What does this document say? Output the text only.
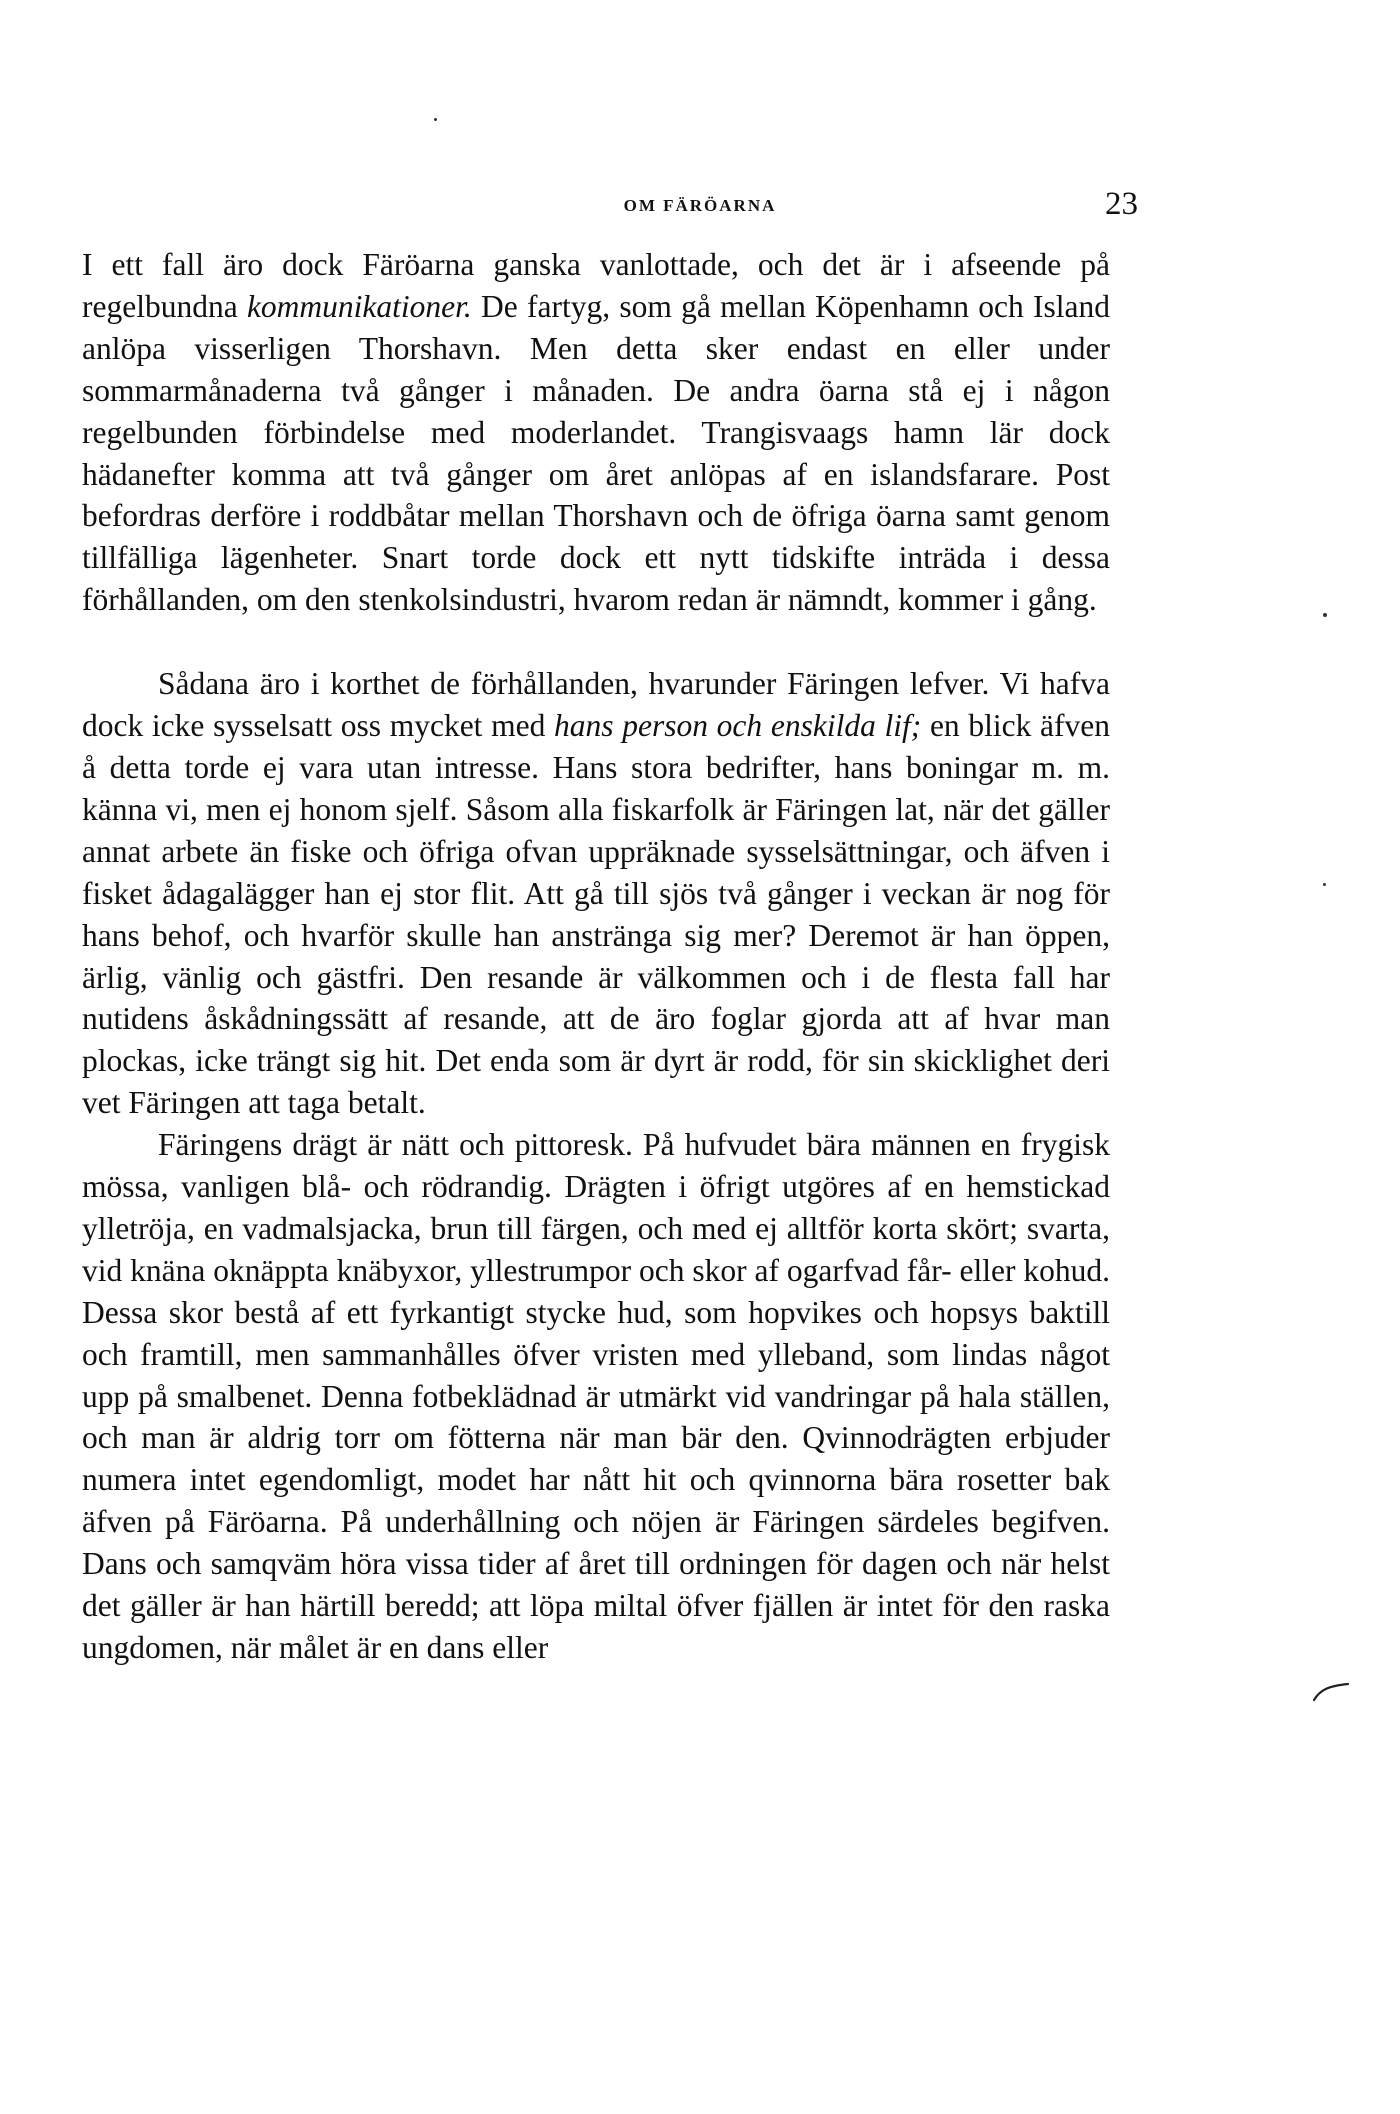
OM FÄRÖARNA	23

I ett fall äro dock Färöarna ganska vanlottade, och det är i afseende på regelbundna kommunikationer. De fartyg, som gå mellan Köpenhamn och Island anlöpa visserligen Thorshavn. Men detta sker endast en eller under sommarmånaderna två gånger i månaden. De andra öarna stå ej i någon regelbunden förbindelse med moderlandet. Trangisvaags hamn lär dock hädanefter komma att två gånger om året anlöpas af en islandsfarare. Post befordras derföre i roddbåtar mellan Thorshavn och de öfriga öarna samt genom tillfälliga lägenheter. Snart torde dock ett nytt tidskifte inträda i dessa förhållanden, om den stenkolsindustri, hvarom redan är nämndt, kommer i gång.

Sådana äro i korthet de förhållanden, hvarunder Färingen lefver. Vi hafva dock icke sysselsatt oss mycket med hans person och enskilda lif; en blick äfven å detta torde ej vara utan intresse. Hans stora bedrifter, hans boningar m. m. känna vi, men ej honom sjelf. Såsom alla fiskarfolk är Färingen lat, när det gäller annat arbete än fiske och öfriga ofvan uppräknade sysselsättningar, och äfven i fisket ådagalägger han ej stor flit. Att gå till sjös två gånger i veckan är nog för hans behof, och hvarför skulle han anstränga sig mer? Deremot är han öppen, ärlig, vänlig och gästfri. Den resande är välkommen och i de flesta fall har nutidens åskådningssätt af resande, att de äro foglar gjorda att af hvar man plockas, icke trängt sig hit. Det enda som är dyrt är rodd, för sin skicklighet deri vet Färingen att taga betalt.

Färingens drägt är nätt och pittoresk. På hufvudet bära männen en frygisk mössa, vanligen blå- och rödrandig. Drägten i öfrigt utgöres af en hemstickad ylletröja, en vadmalsjacka, brun till färgen, och med ej alltför korta skört; svarta, vid knäna oknäppta knäbyxor, yllestrumpor och skor af ogarfvad får- eller kohud. Dessa skor bestå af ett fyrkantigt stycke hud, som hopvikes och hopsys baktill och framtill, men sammanhålles öfver vristen med ylleband, som lindas något upp på smalbenet. Denna fotbeklädnad är utmärkt vid vandringar på hala ställen, och man är aldrig torr om fötterna när man bär den. Qvinnodrägten erbjuder numera intet egendomligt, modet har nått hit och qvinnorna bära rosetter bak äfven på Färöarna. På underhållning och nöjen är Färingen särdeles begifven. Dans och samqväm höra vissa tider af året till ordningen för dagen och när helst det gäller är han härtill beredd; att löpa miltal öfver fjällen är intet för den raska ungdomen, när målet är en dans eller
